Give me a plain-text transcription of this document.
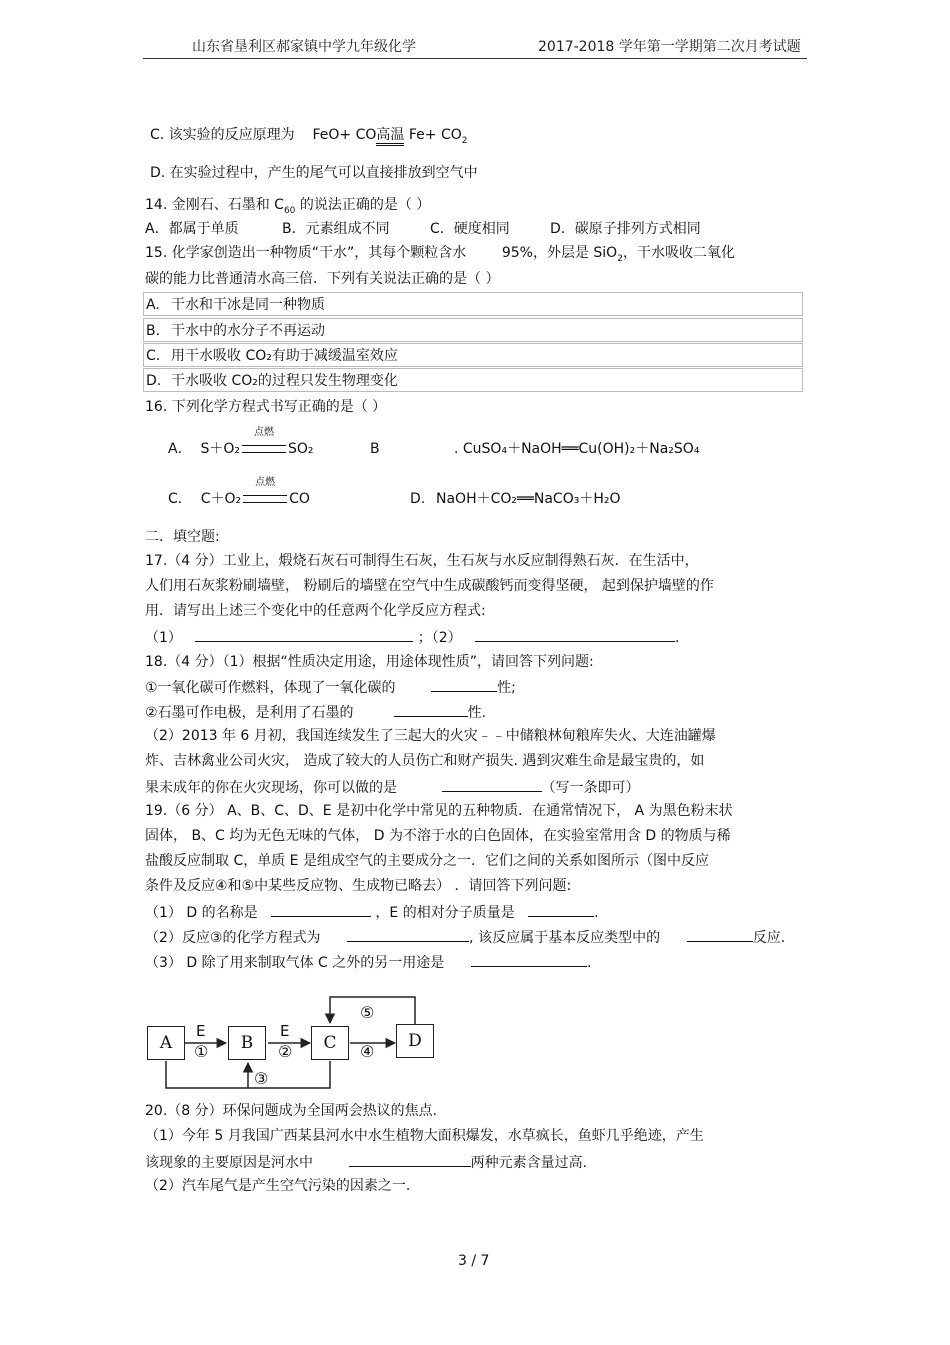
山东省垦利区郝家镇中学九年级化学	2017-2018 学年第一学期第二次月考试题
C. 该实验的反应原理为 FeO+ CO高温 $Fe+ CO_2$
D. 在实验过程中，产生的尾气可以直接排放到空气中
14. 金刚石、石墨和 $C_{60}$ 的说法正确的是（ ）
A．都属于单质	B．元素组成不同	C．硬度相同	D．碳原子排列方式相同
15. 化学家创造出一种物质“干水”，其每个颗粒含水	95%，外层是 SiO$_2$，干水吸收二氧化
碳的能力比普通清水高三倍．下列有关说法正确的是（ ）
A. 干水和干冰是同一种物质
B. 干水中的水分子不再运动
C. 用干水吸收 CO₂有助于减缓温室效应
D. 干水吸收 CO₂的过程只发生物理变化
16. 下列化学方程式书写正确的是（ ）
A． S＋O₂
点燃
SO₂	B	. CuSO₄＋NaOH══Cu(OH)₂＋Na₂SO₄
C． C＋O₂
点燃
CO	D. NaOH＋CO₂══NaCO₃＋H₂O
二．填空题:
17.（4 分）工业上，煅烧石灰石可制得生石灰，生石灰与水反应制得熟石灰．在生活中，
人们用石灰浆粉刷墙壁， 粉刷后的墙壁在空气中生成碳酸钙而变得坚硬， 起到保护墙壁的作
用．请写出上述三个变化中的任意两个化学反应方程式:
（1）	；（2）	.
18.（4 分）（1）根据“性质决定用途，用途体现性质”，请回答下列问题:
①一氧化碳可作燃料，体现了一氧化碳的	性;
②石墨可作电极，是利用了石墨的	性.
（2）2013 年 6 月初，我国连续发生了三起大的火灾﹣﹣中储粮林甸粮库失火、大连油罐爆
炸、吉林禽业公司火灾， 造成了较大的人员伤亡和财产损失. 遇到灾难生命是最宝贵的，如
果未成年的你在火灾现场，你可以做的是	（写一条即可）
19.（6 分） A、B、C、D、E 是初中化学中常见的五种物质．在通常情况下， A 为黑色粉末状
固体， B、C 均为无色无味的气体， D 为不溶于水的白色固体，在实验室常用含 D 的物质与稀
盐酸反应制取 C，单质 E 是组成空气的主要成分之一．它们之间的关系如图所示（图中反应
条件及反应④和⑤中某些反应物、生成物已略去） ．请回答下列问题:
（1） D 的名称是	，E 的相对分子质量是	.
（2）反应③的化学方程式为	, 该反应属于基本反应类型中的	反应.
（3） D 除了用来制取气体 C 之外的另一用途是	.
A	B	C	D
E
①
E
②	④
⑤
③
20.（8 分）环保问题成为全国两会热议的焦点.
（1）今年 5 月我国广西某县河水中水生植物大面积爆发，水草疯长，鱼虾几乎绝迹，产生
该现象的主要原因是河水中	两种元素含量过高.
（2）汽车尾气是产生空气污染的因素之一.
3 / 7
